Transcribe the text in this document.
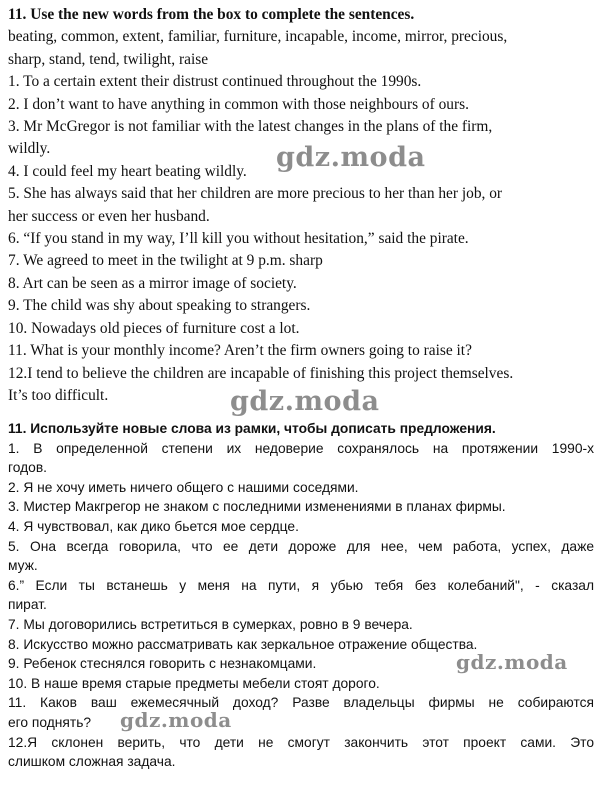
11. Use the new words from the box to complete the sentences.
beating, common, extent, familiar, furniture, incapable, income, mirror, precious,
sharp, stand, tend, twilight, raise
1. To a certain extent their distrust continued throughout the 1990s.
2. I don’t want to have anything in common with those neighbours of ours.
3. Mr McGregor is not familiar with the latest changes in the plans of the firm,
wildly.
4. I could feel my heart beating wildly.
5. She has always said that her children are more precious to her than her job, or
her success or even her husband.
6. “If you stand in my way, I’ll kill you without hesitation,” said the pirate.
7. We agreed to meet in the twilight at 9 p.m. sharp
8. Art can be seen as a mirror image of society.
9. The child was shy about speaking to strangers.
10. Nowadays old pieces of furniture cost a lot.
11. What is your monthly income? Aren’t the firm owners going to raise it?
12.I tend to believe the children are incapable of finishing this project themselves.
It’s too difficult.
11. Используйте новые слова из рамки, чтобы дописать предложения.
1. В определенной степени их недоверие сохранялось на протяжении 1990-х
годов.
2. Я не хочу иметь ничего общего с нашими соседями.
3. Мистер Макгрегор не знаком с последними изменениями в планах фирмы.
4. Я чувствовал, как дико бьется мое сердце.
5. Она всегда говорила, что ее дети дороже для нее, чем работа, успех, даже
муж.
6.” Если ты встанешь у меня на пути, я убью тебя без колебаний", - сказал
пират.
7. Мы договорились встретиться в сумерках, ровно в 9 вечера.
8. Искусство можно рассматривать как зеркальное отражение общества.
9. Ребенок стеснялся говорить с незнакомцами.
10. В наше время старые предметы мебели стоят дорого.
11. Каков ваш ежемесячный доход? Разве владельцы фирмы не собираются
его поднять?
12.Я склонен верить, что дети не смогут закончить этот проект сами. Это
слишком сложная задача.
gdz.moda
gdz.moda
gdz.moda
gdz.moda
